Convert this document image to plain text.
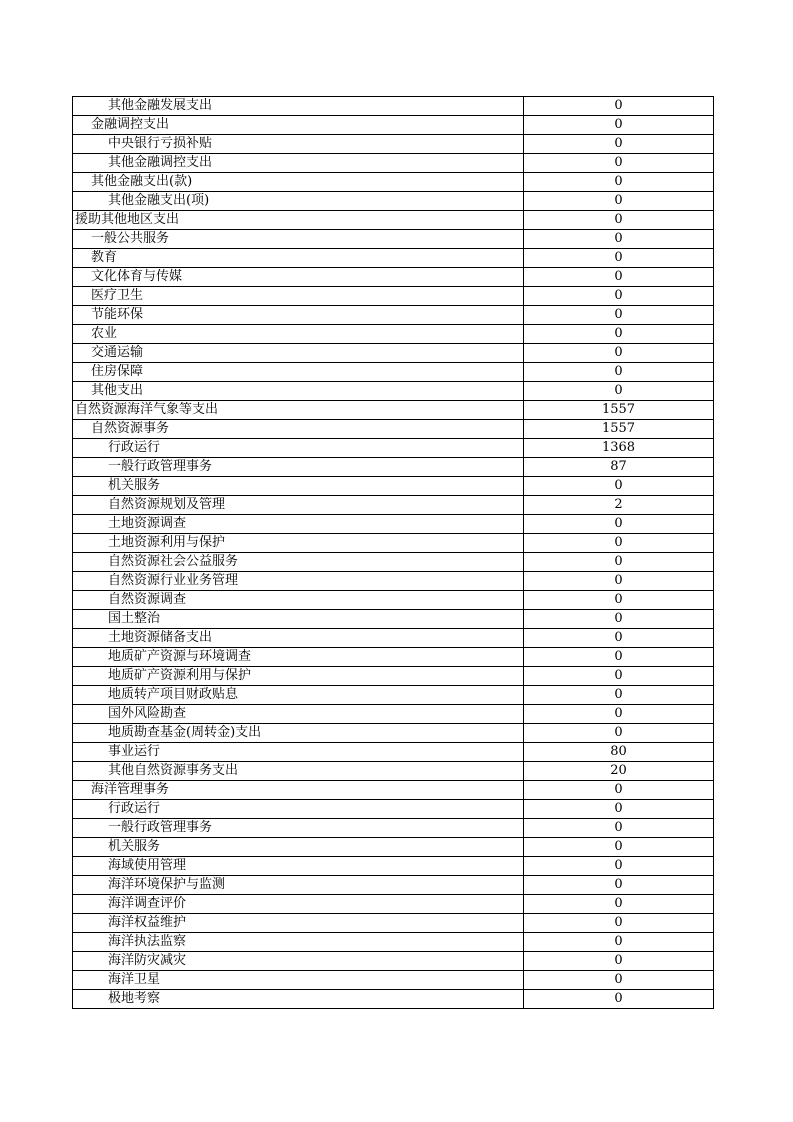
其他金融发展支出	0
金融调控支出	0
中央银行亏损补贴	0
其他金融调控支出	0
其他金融支出(款)	0
其他金融支出(项)	0
援助其他地区支出	0
一般公共服务	0
教育	0
文化体育与传媒	0
医疗卫生	0
节能环保	0
农业	0
交通运输	0
住房保障	0
其他支出	0
自然资源海洋气象等支出	1557
自然资源事务	1557
行政运行	1368
一般行政管理事务	87
机关服务	0
自然资源规划及管理	2
土地资源调查	0
土地资源利用与保护	0
自然资源社会公益服务	0
自然资源行业业务管理	0
自然资源调查	0
国土整治	0
土地资源储备支出	0
地质矿产资源与环境调查	0
地质矿产资源利用与保护	0
地质转产项目财政贴息	0
国外风险勘查	0
地质勘查基金(周转金)支出	0
事业运行	80
其他自然资源事务支出	20
海洋管理事务	0
行政运行	0
一般行政管理事务	0
机关服务	0
海域使用管理	0
海洋环境保护与监测	0
海洋调查评价	0
海洋权益维护	0
海洋执法监察	0
海洋防灾减灾	0
海洋卫星	0
极地考察	0
